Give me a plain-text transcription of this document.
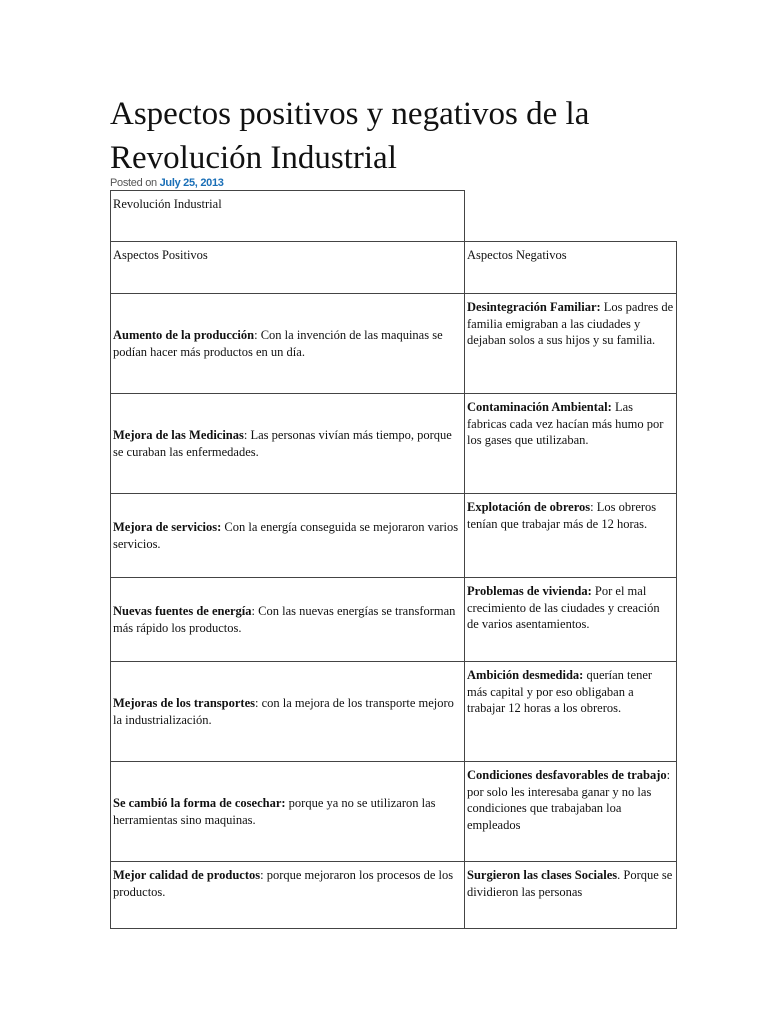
Aspectos positivos y negativos de la Revolución Industrial
Posted on July 25, 2013
Revolución Industrial	
Aspectos Positivos	Aspectos Negativos
Aumento de la producción: Con la invención de las maquinas se podían hacer más productos en un día.	Desintegración Familiar: Los padres de familia emigraban a las ciudades y dejaban solos a sus hijos y su familia.
Mejora de las Medicinas: Las personas vivían más tiempo, porque se curaban las enfermedades.	Contaminación Ambiental: Las fabricas cada vez hacían más humo por los gases que utilizaban.
Mejora de servicios: Con la energía conseguida se mejoraron varios servicios.	Explotación de obreros: Los obreros tenían que trabajar más de 12 horas.
Nuevas fuentes de energía: Con las nuevas energías se transforman más rápido los productos.	Problemas de vivienda: Por el mal crecimiento de las ciudades y creación de varios asentamientos.
Mejoras de los transportes: con la mejora de los transporte mejoro la industrialización.	Ambición desmedida: querían tener más capital y por eso obligaban a trabajar 12 horas a los obreros.
Se cambió la forma de cosechar: porque ya no se utilizaron las herramientas sino maquinas.	Condiciones desfavorables de trabajo: por solo les interesaba ganar y no las condiciones que trabajaban loa empleados
Mejor calidad de productos: porque mejoraron los procesos de los productos.	Surgieron las clases Sociales. Porque se dividieron las personas
